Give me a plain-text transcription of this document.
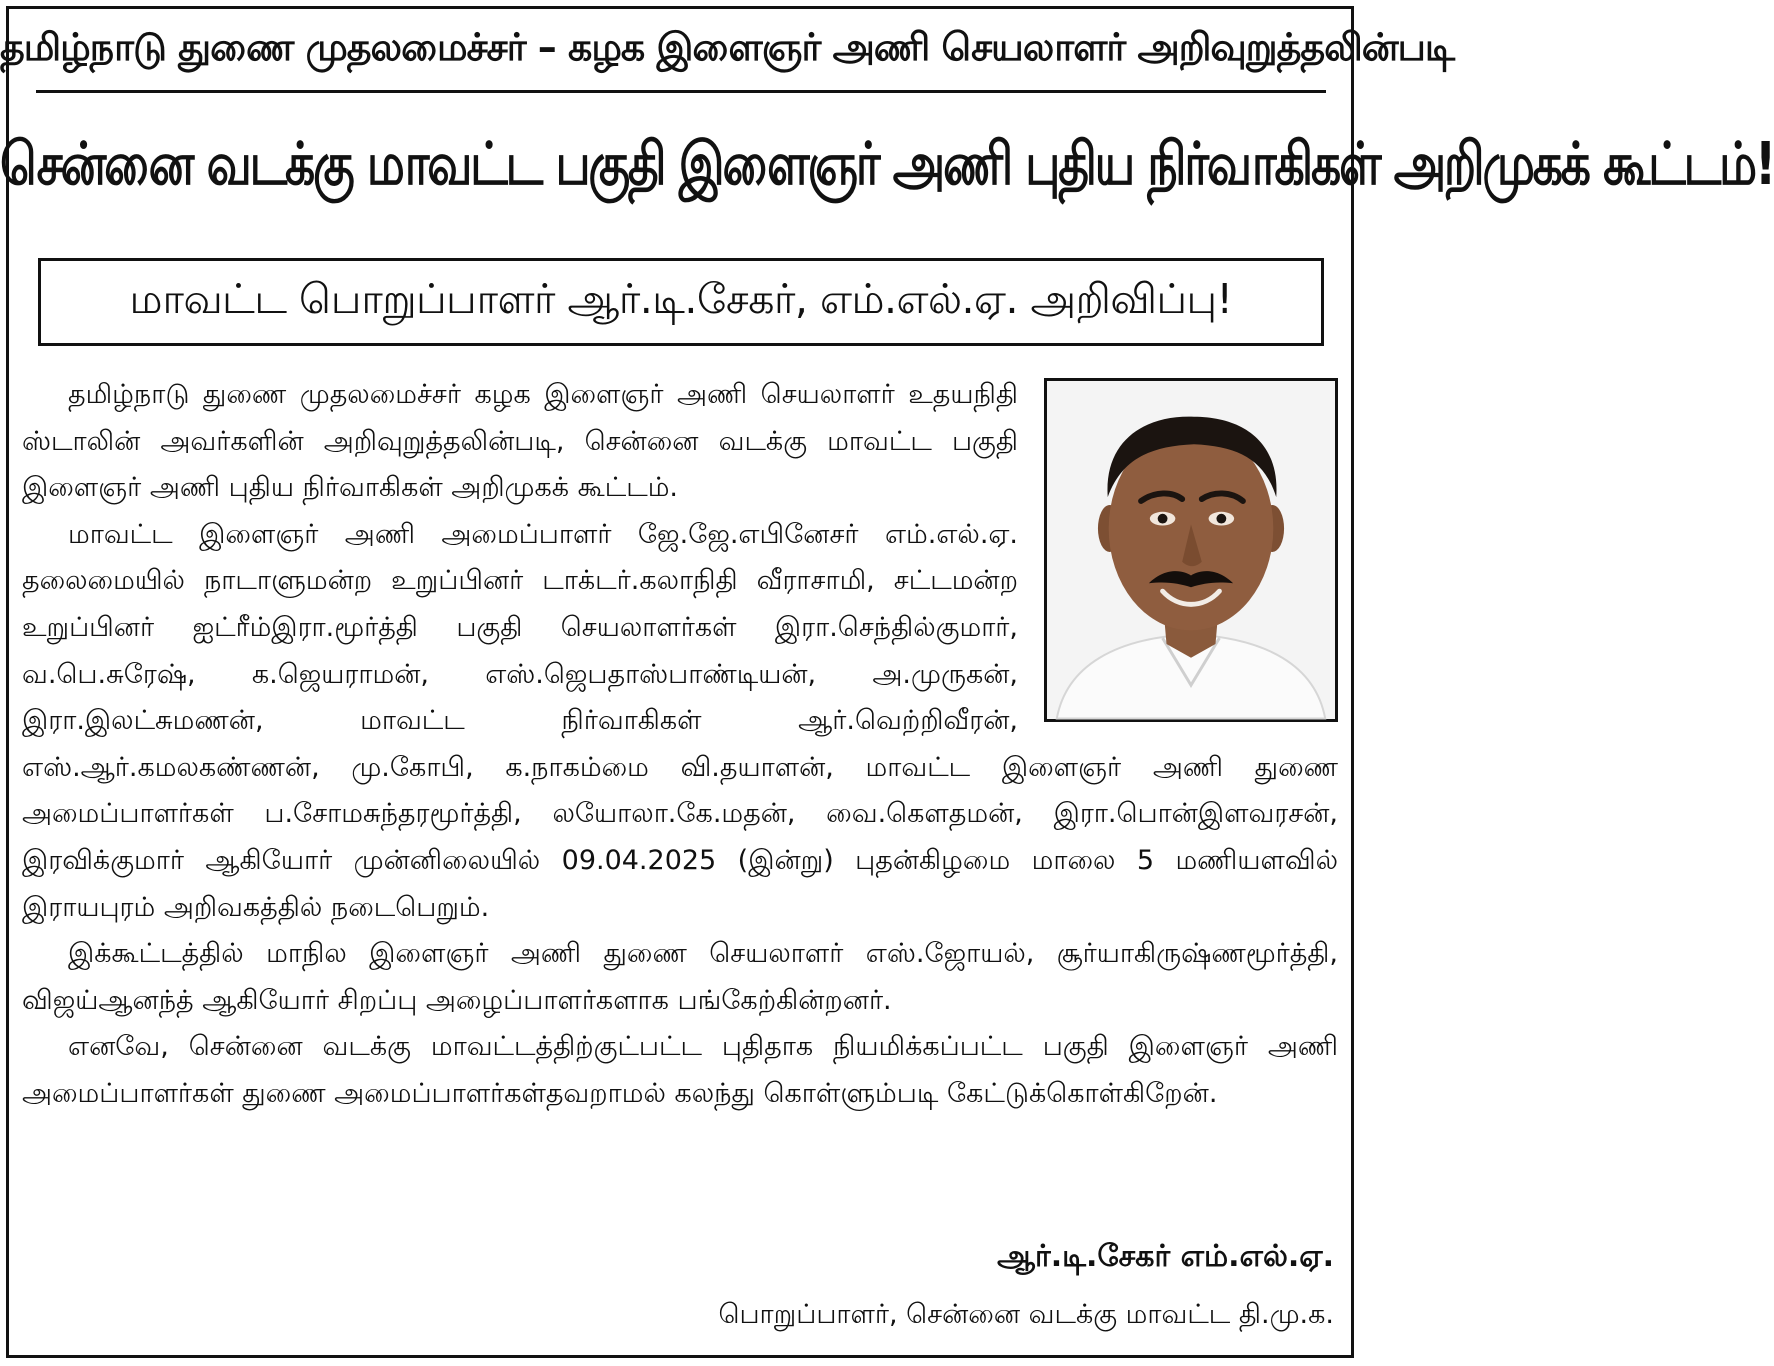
தமிழ்நாடு துணை முதலமைச்சர் – கழக இளைஞர் அணி செயலாளர் அறிவுறுத்தலின்படி
சென்னை வடக்கு மாவட்ட பகுதி இளைஞர் அணி புதிய நிர்வாகிகள் அறிமுகக் கூட்டம்!
மாவட்ட பொறுப்பாளர் ஆர்.டி.சேகர், எம்.எல்.ஏ. அறிவிப்பு!

தமிழ்நாடு துணை முதலமைச்சர் கழக இளைஞர் அணி செயலாளர் உதயநிதி ஸ்டாலின் அவர்களின் அறிவுறுத்தலின்படி, சென்னை வடக்கு மாவட்ட பகுதி இளைஞர் அணி புதிய நிர்வாகிகள் அறிமுகக் கூட்டம்.

மாவட்ட இளைஞர் அணி அமைப்பாளர் ஜே.ஜே.எபினேசர் எம்.எல்.ஏ. தலைமையில் நாடாளுமன்ற உறுப்பினர் டாக்டர்.கலாநிதி வீராசாமி, சட்டமன்ற உறுப்பினர் ஐட்ரீம்இரா.மூர்த்தி பகுதி செயலாளர்கள் இரா.செந்தில்குமார், வ.பெ.சுரேஷ், க.ஜெயராமன், எஸ்.ஜெபதாஸ்பாண்டியன், அ.முருகன், இரா.இலட்சுமணன், மாவட்ட நிர்வாகிகள் ஆர்.வெற்றிவீரன், எஸ்.ஆர்.கமலகண்ணன், மு.கோபி, க.நாகம்மை வி.தயாளன், மாவட்ட இளைஞர் அணி துணை அமைப்பாளர்கள் ப.சோமசுந்தரமூர்த்தி, லயோலா.கே.மதன், வை.கௌதமன், இரா.பொன்இளவரசன், இரவிக்குமார் ஆகியோர் முன்னிலையில் 09.04.2025 (இன்று) புதன்கிழமை மாலை 5 மணியளவில் இராயபுரம் அறிவகத்தில் நடைபெறும்.

இக்கூட்டத்தில் மாநில இளைஞர் அணி துணை செயலாளர் எஸ்.ஜோயல், சூர்யாகிருஷ்ணமூர்த்தி, விஜய்ஆனந்த் ஆகியோர் சிறப்பு அழைப்பாளர்களாக பங்கேற்கின்றனர்.

எனவே, சென்னை வடக்கு மாவட்டத்திற்குட்பட்ட புதிதாக நியமிக்கப்பட்ட பகுதி இளைஞர் அணி அமைப்பாளர்கள் துணை அமைப்பாளர்கள்தவறாமல் கலந்து கொள்ளும்படி கேட்டுக்கொள்கிறேன்.

ஆர்.டி.சேகர் எம்.எல்.ஏ.
பொறுப்பாளர், சென்னை வடக்கு மாவட்ட தி.மு.க.
